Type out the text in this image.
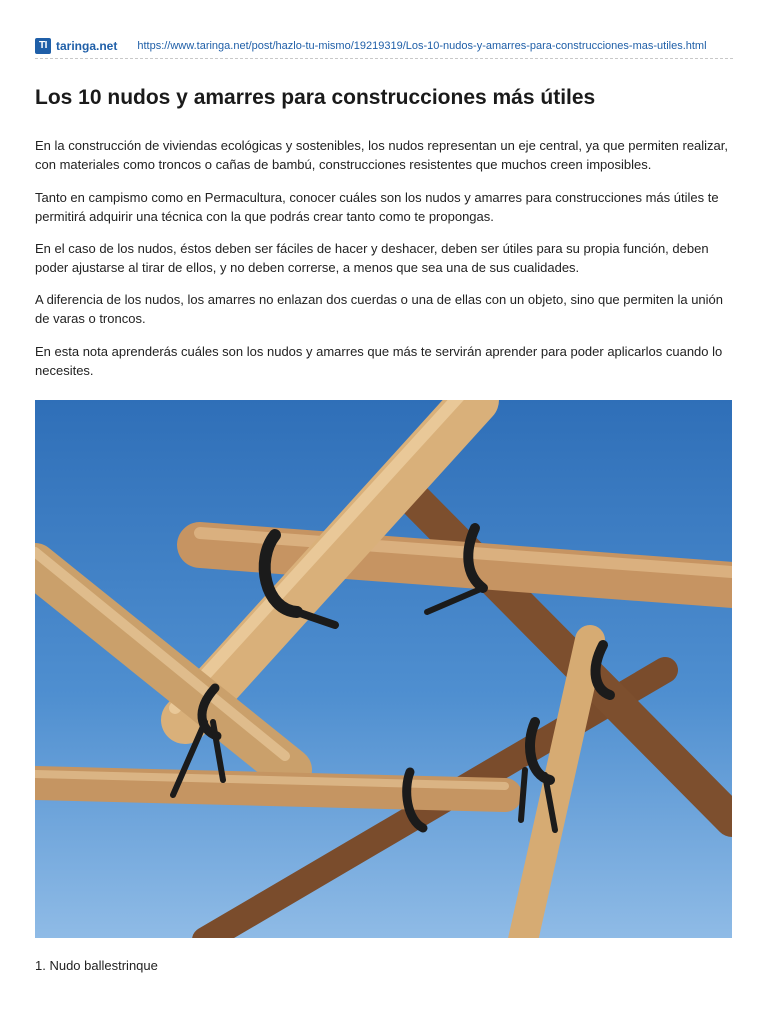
TI taringa.net https://www.taringa.net/post/hazlo-tu-mismo/19219319/Los-10-nudos-y-amarres-para-construcciones-mas-utiles.html
Los 10 nudos y amarres para construcciones más útiles

En la construcción de viviendas ecológicas y sostenibles, los nudos representan un eje central, ya que permiten realizar, con materiales como troncos o cañas de bambú, construcciones resistentes que muchos creen imposibles.

Tanto en campismo como en Permacultura, conocer cuáles son los nudos y amarres para construcciones más útiles te permitirá adquirir una técnica con la que podrás crear tanto como te propongas.

En el caso de los nudos, éstos deben ser fáciles de hacer y deshacer, deben ser útiles para su propia función, deben poder ajustarse al tirar de ellos, y no deben correrse, a menos que sea una de sus cualidades.

A diferencia de los nudos, los amarres no enlazan dos cuerdas o una de ellas con un objeto, sino que permiten la unión de varas o troncos.

En esta nota aprenderás cuáles son los nudos y amarres que más te servirán aprender para poder aplicarlos cuando lo necesites.

1. Nudo ballestrinque
